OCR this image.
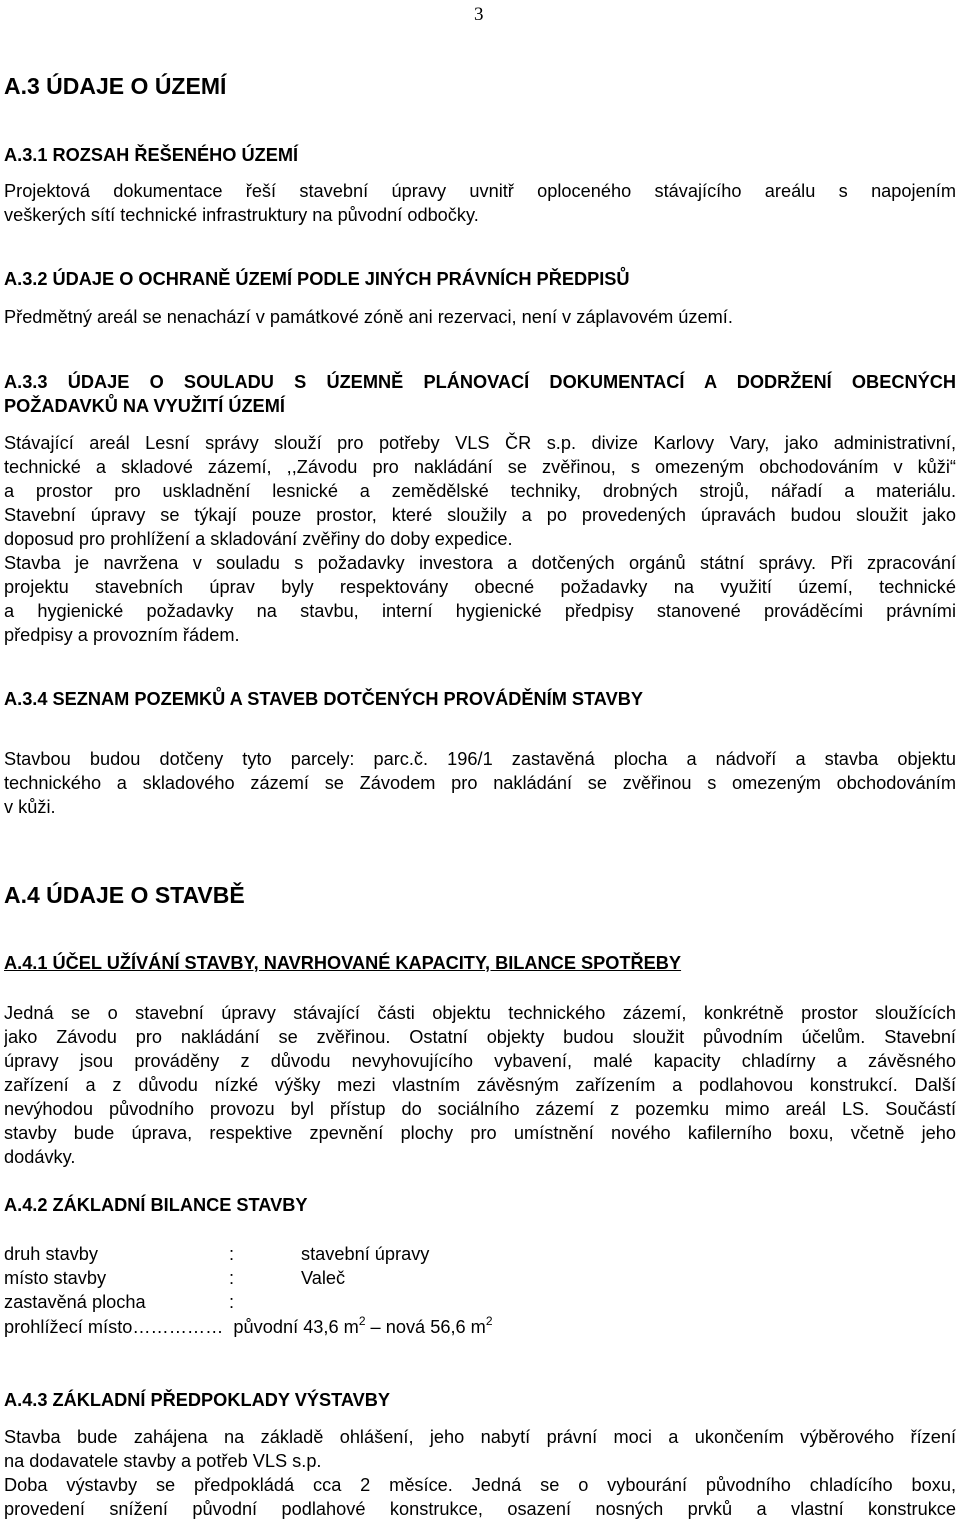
3
A.3 ÚDAJE O ÚZEMÍ
A.3.1 ROZSAH ŘEŠENÉHO ÚZEMÍ
Projektová dokumentace řeší stavební úpravy uvnitř oploceného stávajícího areálu s napojením
veškerých sítí technické infrastruktury na původní odbočky.
A.3.2 ÚDAJE O OCHRANĚ ÚZEMÍ PODLE JINÝCH PRÁVNÍCH PŘEDPISŮ
Předmětný areál se nenachází v památkové zóně ani rezervaci, není v záplavovém území.
A.3.3 ÚDAJE O SOULADU S ÚZEMNĚ PLÁNOVACÍ DOKUMENTACÍ A DODRŽENÍ OBECNÝCH
POŽADAVKŮ NA VYUŽITÍ ÚZEMÍ
Stávající areál Lesní správy slouží pro potřeby VLS ČR s.p. divize Karlovy Vary, jako administrativní,
technické a skladové zázemí, ,,Závodu pro nakládání se zvěřinou, s omezeným obchodováním v kůži“
a prostor pro uskladnění lesnické a zemědělské techniky, drobných strojů, nářadí a materiálu.
Stavební úpravy se týkají pouze prostor, které sloužily a po provedených úpravách budou sloužit jako
doposud pro prohlížení a skladování zvěřiny do doby expedice.
Stavba je navržena v souladu s požadavky investora a dotčených orgánů státní správy. Při zpracování
projektu stavebních úprav byly respektovány obecné požadavky na využití území, technické
a hygienické požadavky na stavbu, interní hygienické předpisy stanovené prováděcími právními
předpisy a provozním řádem.
A.3.4 SEZNAM POZEMKŮ A STAVEB DOTČENÝCH PROVÁDĚNÍM STAVBY
Stavbou budou dotčeny tyto parcely: parc.č. 196/1 zastavěná plocha a nádvoří a stavba objektu
technického a skladového zázemí se Závodem pro nakládání se zvěřinou s omezeným obchodováním
v kůži.
A.4 ÚDAJE O STAVBĚ
A.4.1 ÚČEL UŽÍVÁNÍ STAVBY, NAVRHOVANÉ KAPACITY, BILANCE SPOTŘEBY
Jedná se o stavební úpravy stávající části objektu technického zázemí, konkrétně prostor sloužících
jako Závodu pro nakládání se zvěřinou. Ostatní objekty budou sloužit původním účelům. Stavební
úpravy jsou prováděny z důvodu nevyhovujícího vybavení, malé kapacity chladírny a závěsného
zařízení a z důvodu nízké výšky mezi vlastním závěsným zařízením a podlahovou konstrukcí. Další
nevýhodou původního provozu byl přístup do sociálního zázemí z pozemku mimo areál LS. Součástí
stavby bude úprava, respektive zpevnění plochy pro umístnění nového kafilerního boxu, včetně jeho
dodávky.
A.4.2 ZÁKLADNÍ BILANCE STAVBY
druh stavby	:	stavební úpravy
místo stavby	:	Valeč
zastavěná plocha	:
prohlížecí místo…………… původní 43,6 $m^2$ – nová 56,6 $m^2$
A.4.3 ZÁKLADNÍ PŘEDPOKLADY VÝSTAVBY
Stavba bude zahájena na základě ohlášení, jeho nabytí právní moci a ukončením výběrového řízení
na dodavatele stavby a potřeb VLS s.p.
Doba výstavby se předpokládá cca 2 měsíce. Jedná se o vybourání původního chladícího boxu,
provedení snížení původní podlahové konstrukce, osazení nosných prvků a vlastní konstrukce
